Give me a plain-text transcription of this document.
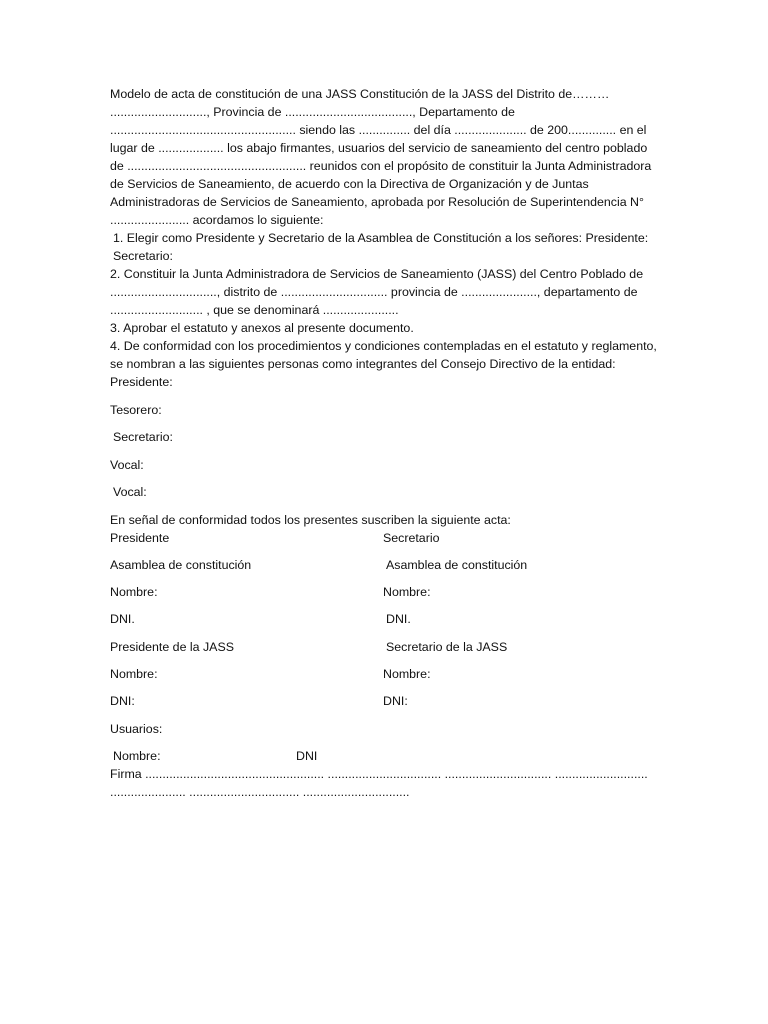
Modelo de acta de constitución de una JASS Constitución de la JASS del Distrito de……… ............................, Provincia de ....................................., Departamento de ...................................................... siendo las ............... del día ..................... de 200.............. en el lugar de ................... los abajo firmantes, usuarios del servicio de saneamiento del centro poblado de .................................................... reunidos con el propósito de constituir la Junta Administradora de Servicios de Saneamiento, de acuerdo con la Directiva de Organización y de Juntas Administradoras de Servicios de Saneamiento, aprobada por Resolución de Superintendencia N° ....................... acordamos lo siguiente:

1. Elegir como Presidente y Secretario de la Asamblea de Constitución a los señores: Presidente: Secretario:

2. Constituir la Junta Administradora de Servicios de Saneamiento (JASS) del Centro Poblado de ..............................., distrito de ............................... provincia de ......................, departamento de ........................... , que se denominará ......................

3. Aprobar el estatuto y anexos al presente documento.

4. De conformidad con los procedimientos y condiciones contempladas en el estatuto y reglamento, se nombran a las siguientes personas como integrantes del Consejo Directivo de la entidad:

Presidente:

Tesorero:

Secretario:

Vocal:

Vocal:

En señal de conformidad todos los presentes suscriben la siguiente acta:

Presidente	Secretario
Asamblea de constitución	Asamblea de constitución
Nombre:	Nombre:
DNI.	DNI.
Presidente de la JASS	Secretario de la JASS
Nombre:	Nombre:
DNI:	DNI:

Usuarios:

Nombre:	DNI

Firma .................................................... ................................. ............................... ........................... ...................... ................................ ...............................
